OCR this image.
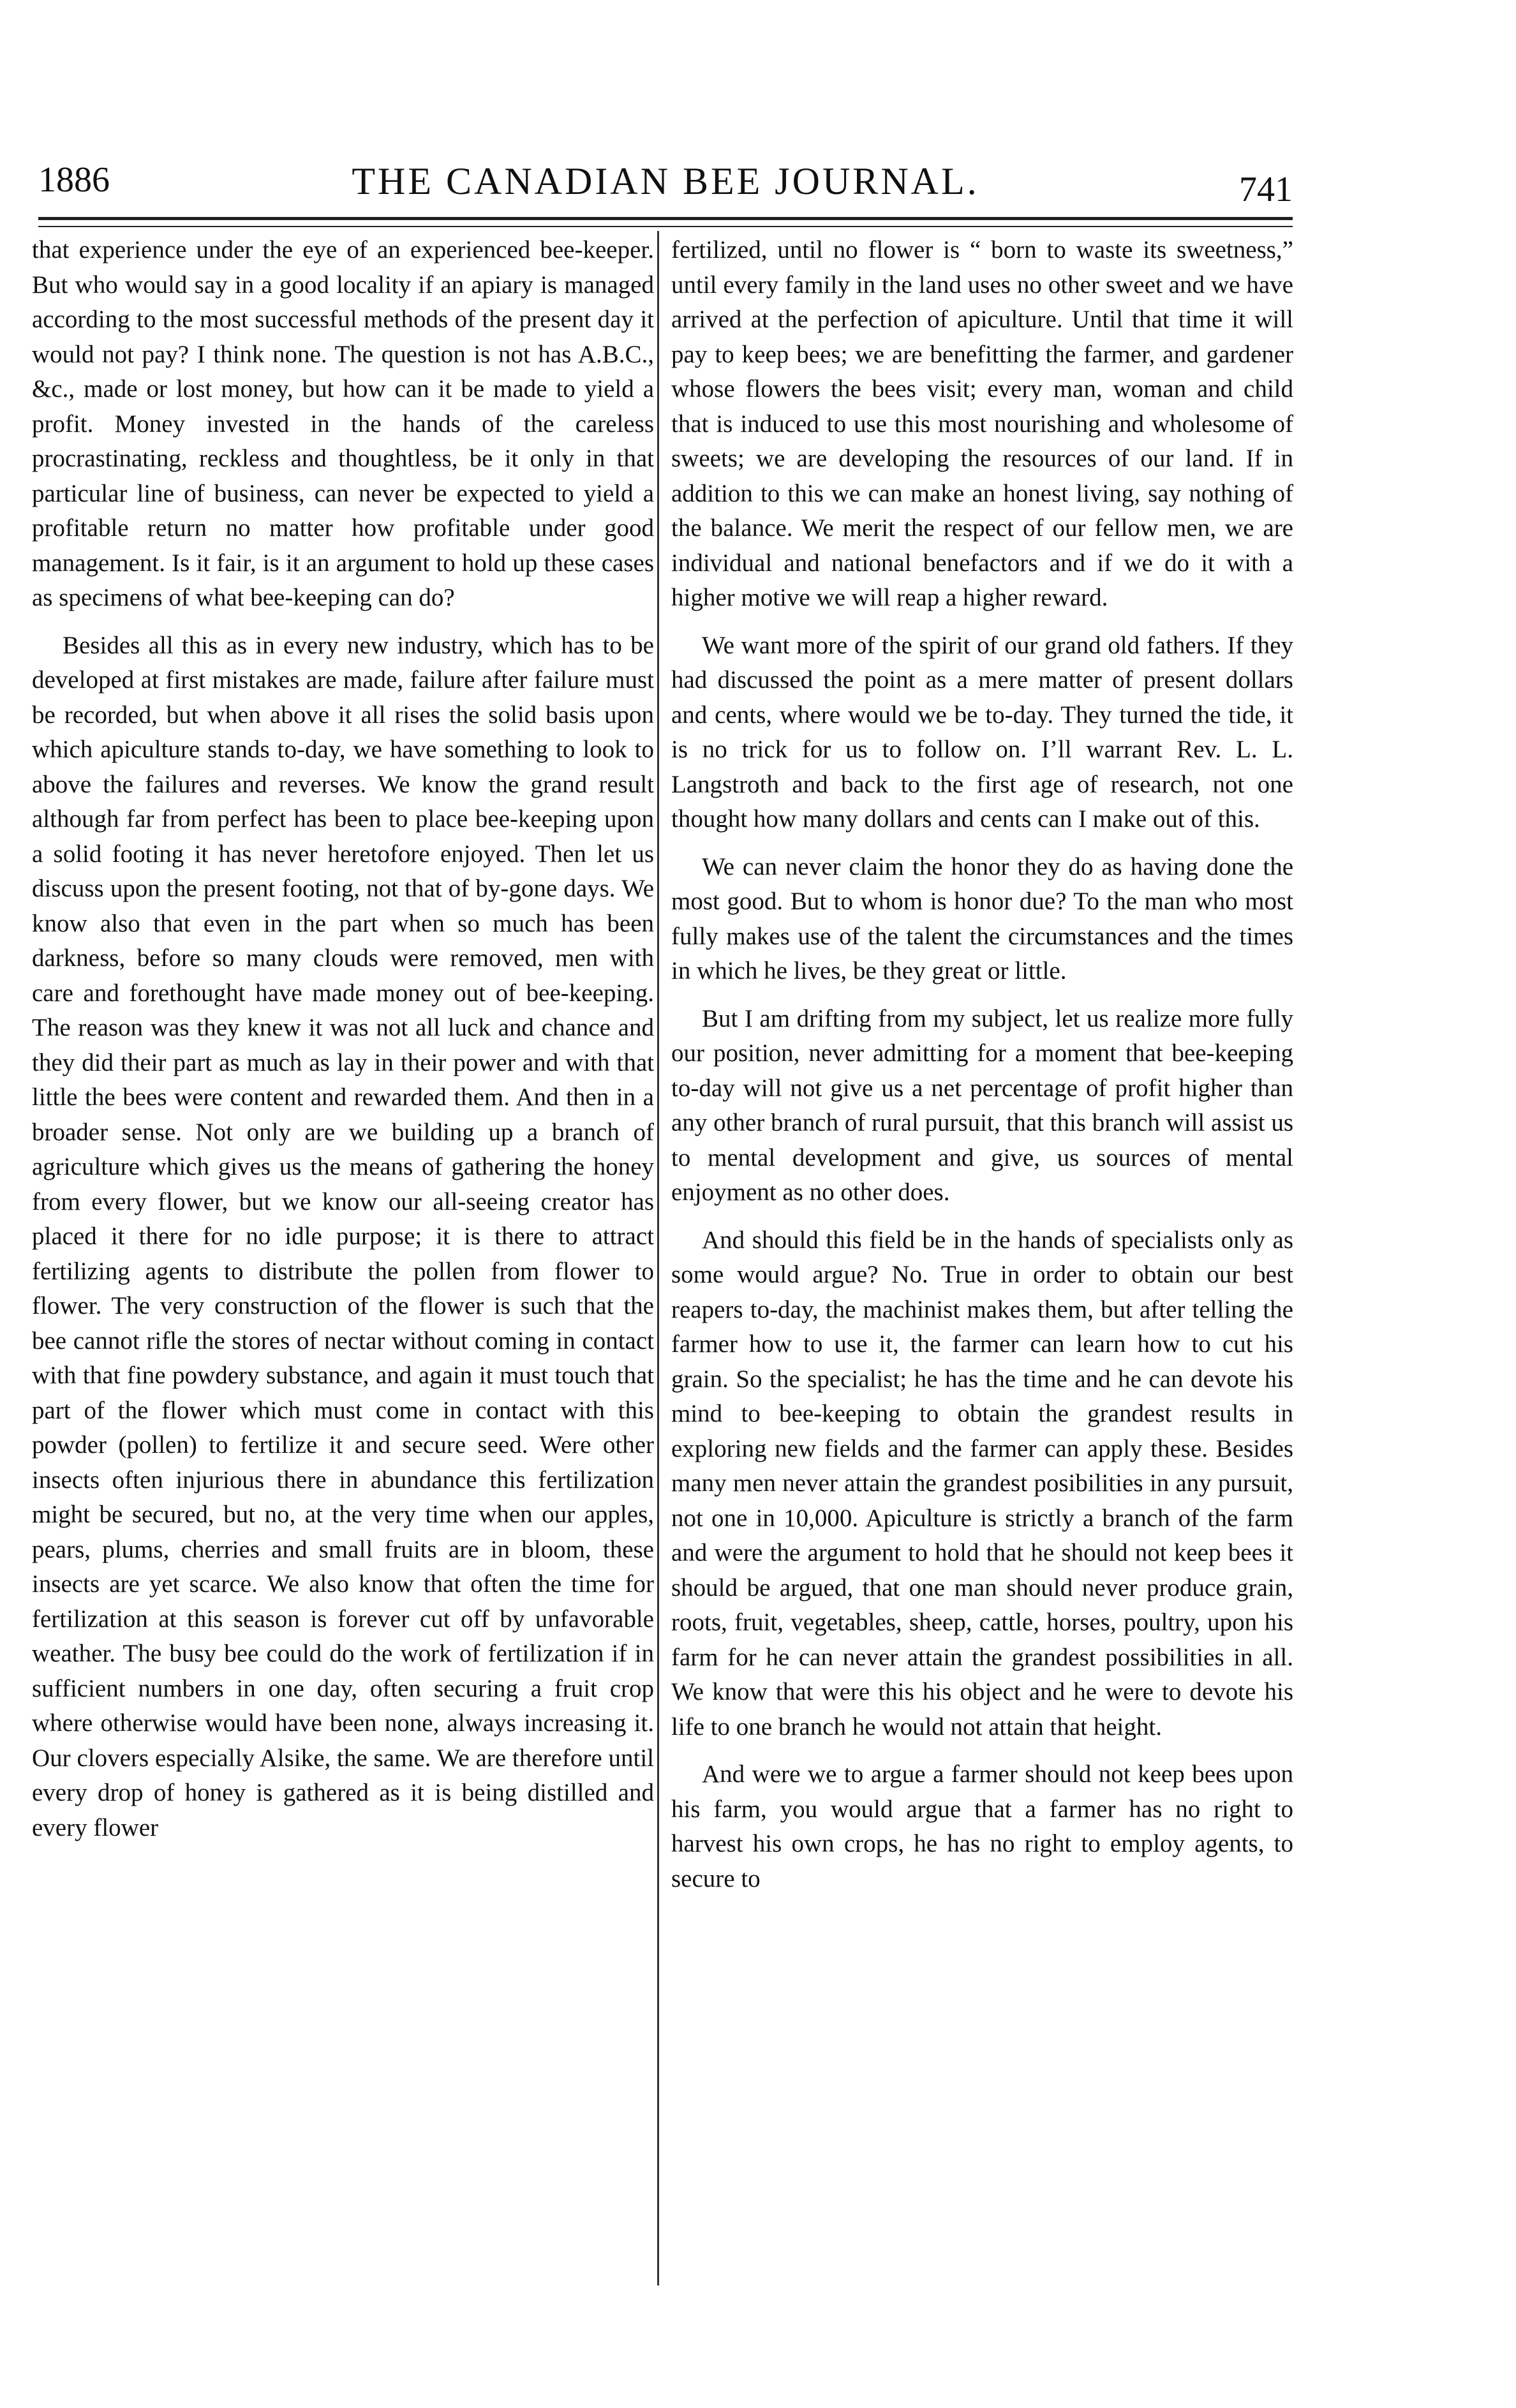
1886	THE CANADIAN BEE JOURNAL.	741

that experience under the eye of an experienced bee-keeper. But who would say in a good locality if an apiary is managed according to the most successful methods of the present day it would not pay? I think none. The question is not has A.B.C., &c., made or lost money, but how can it be made to yield a profit. Money invested in the hands of the careless procrastinating, reckless and thoughtless, be it only in that particular line of business, can never be expected to yield a profitable return no matter how profitable under good management. Is it fair, is it an argument to hold up these cases as specimens of what bee-keeping can do?

Besides all this as in every new industry, which has to be developed at first mistakes are made, failure after failure must be recorded, but when above it all rises the solid basis upon which apiculture stands to-day, we have something to look to above the failures and reverses. We know the grand result although far from perfect has been to place bee-keeping upon a solid footing it has never heretofore enjoyed. Then let us discuss upon the present footing, not that of by-gone days. We know also that even in the part when so much has been darkness, before so many clouds were removed, men with care and forethought have made money out of bee-keeping. The reason was they knew it was not all luck and chance and they did their part as much as lay in their power and with that little the bees were content and rewarded them. And then in a broader sense. Not only are we building up a branch of agriculture which gives us the means of gathering the honey from every flower, but we know our all-seeing creator has placed it there for no idle purpose; it is there to attract fertilizing agents to distribute the pollen from flower to flower. The very construction of the flower is such that the bee cannot rifle the stores of nectar without coming in contact with that fine powdery substance, and again it must touch that part of the flower which must come in contact with this powder (pollen) to fertilize it and secure seed. Were other insects often injurious there in abundance this fertilization might be secured, but no, at the very time when our apples, pears, plums, cherries and small fruits are in bloom, these insects are yet scarce. We also know that often the time for fertilization at this season is forever cut off by unfavorable weather. The busy bee could do the work of fertilization if in sufficient numbers in one day, often securing a fruit crop where otherwise would have been none, always increasing it. Our clovers especially Alsike, the same. We are therefore until every drop of honey is gathered as it is being distilled and every flower

fertilized, until no flower is “ born to waste its sweetness,” until every family in the land uses no other sweet and we have arrived at the perfection of apiculture. Until that time it will pay to keep bees; we are benefitting the farmer, and gardener whose flowers the bees visit; every man, woman and child that is induced to use this most nourishing and wholesome of sweets; we are developing the resources of our land. If in addition to this we can make an honest living, say nothing of the balance. We merit the respect of our fellow men, we are individual and national benefactors and if we do it with a higher motive we will reap a higher reward.

We want more of the spirit of our grand old fathers. If they had discussed the point as a mere matter of present dollars and cents, where would we be to-day. They turned the tide, it is no trick for us to follow on. I’ll warrant Rev. L. L. Langstroth and back to the first age of research, not one thought how many dollars and cents can I make out of this.

We can never claim the honor they do as having done the most good. But to whom is honor due? To the man who most fully makes use of the talent the circumstances and the times in which he lives, be they great or little.

But I am drifting from my subject, let us realize more fully our position, never admitting for a moment that bee-keeping to-day will not give us a net percentage of profit higher than any other branch of rural pursuit, that this branch will assist us to mental development and give, us sources of mental enjoyment as no other does.

And should this field be in the hands of specialists only as some would argue? No. True in order to obtain our best reapers to-day, the machinist makes them, but after telling the farmer how to use it, the farmer can learn how to cut his grain. So the specialist; he has the time and he can devote his mind to bee-keeping to obtain the grandest results in exploring new fields and the farmer can apply these. Besides many men never attain the grandest posibilities in any pursuit, not one in 10,000. Apiculture is strictly a branch of the farm and were the argument to hold that he should not keep bees it should be argued, that one man should never produce grain, roots, fruit, vegetables, sheep, cattle, horses, poultry, upon his farm for he can never attain the grandest possibilities in all. We know that were this his object and he were to devote his life to one branch he would not attain that height.

And were we to argue a farmer should not keep bees upon his farm, you would argue that a farmer has no right to harvest his own crops, he has no right to employ agents, to secure to
